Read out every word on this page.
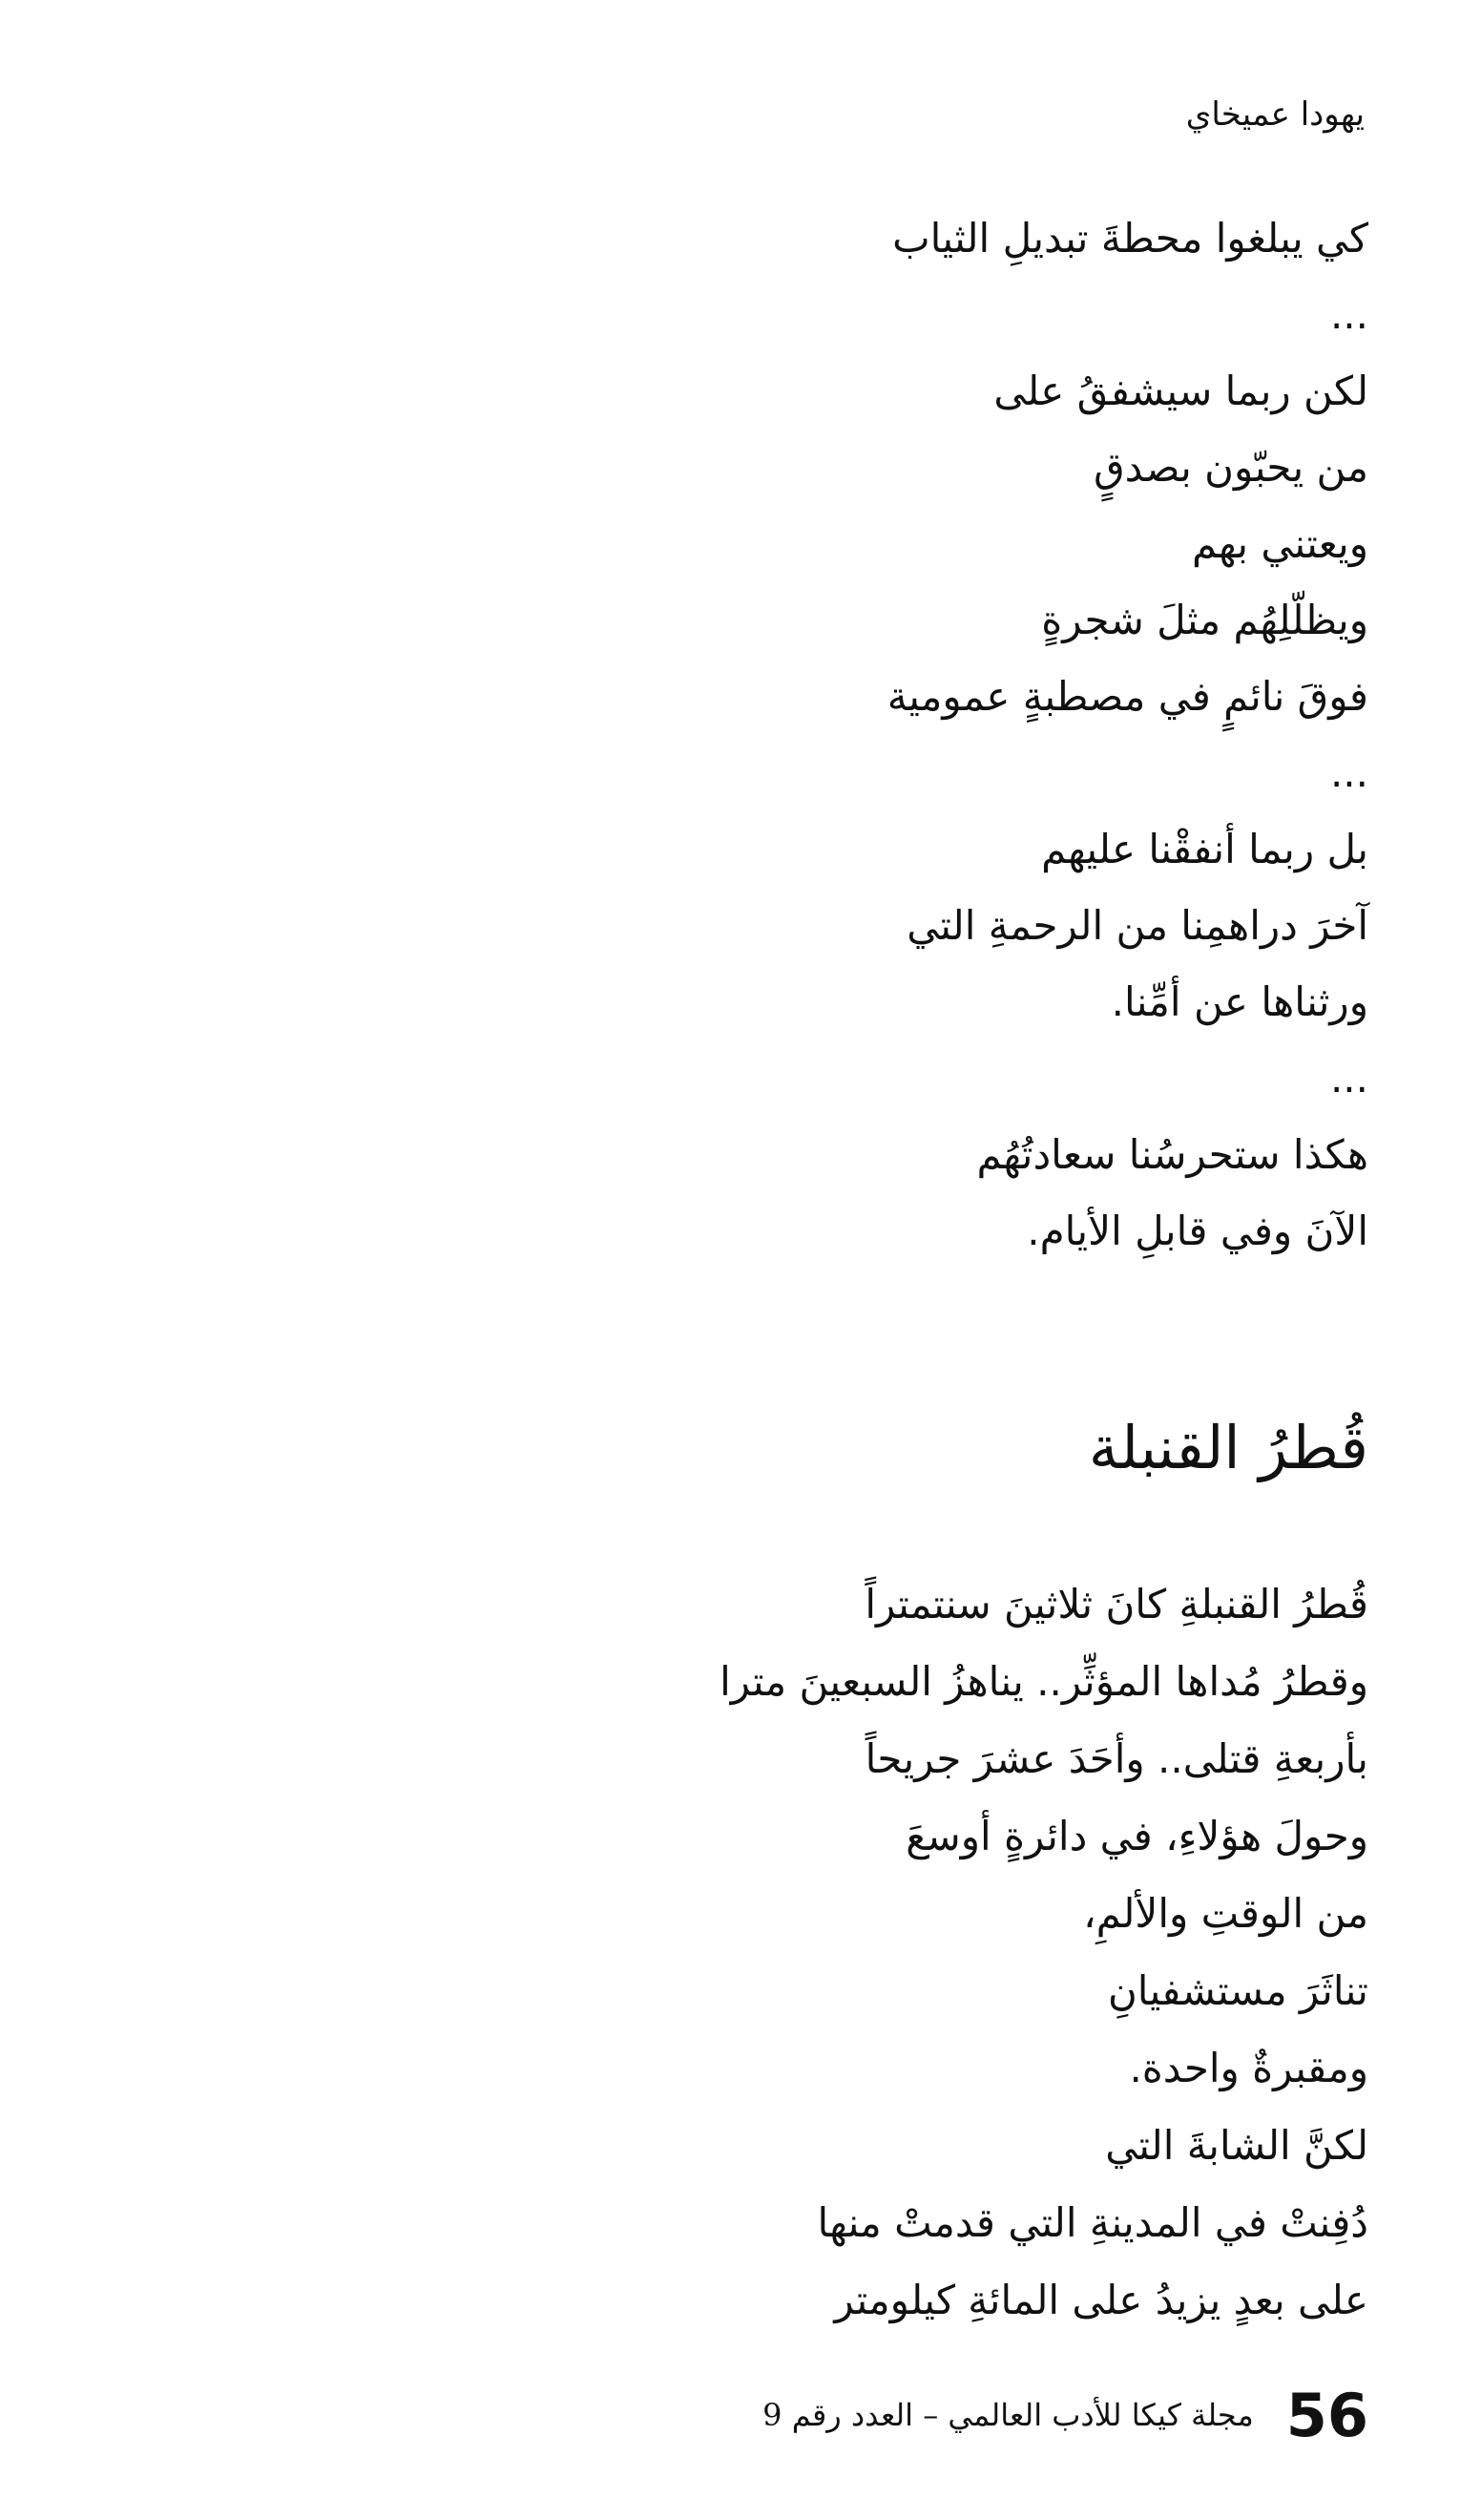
يهودا عميخاي
كي يبلغوا محطةَ تبديلِ الثياب
...
لكن ربما سيشفقُ على
من يحبّون بصدقٍ
ويعتني بهم
ويظلّلِهُم مثلَ شجرةٍ
فوقَ نائمٍ في مصطبةٍ عمومية
...
بل ربما أنفقْنا عليهم
آخرَ دراهمِنا من الرحمةِ التي
ورثناها عن أمِّنا.
...
هكذا ستحرسُنا سعادتُهُم
الآنَ وفي قابلِ الأيام.
قُطرُ القنبلة
قُطرُ القنبلةِ كانَ ثلاثينَ سنتمتراً
وقطرُ مُداها المؤثِّر.. يناهزُ السبعينَ مترا
بأربعةِ قتلى.. وأحَدَ عشرَ جريحاً
وحولَ هؤلاءِ، في دائرةٍ أوسعَ
من الوقتِ والألمِ،
تناثَرَ مستشفيانِ
ومقبرةٌ واحدة.
لكنَّ الشابةَ التي
دُفِنتْ في المدينةِ التي قدمتْ منها
على بعدٍ يزيدُ على المائةِ كيلومتر
مجلة كيكا للأدب العالمي – العدد رقم 9 56
